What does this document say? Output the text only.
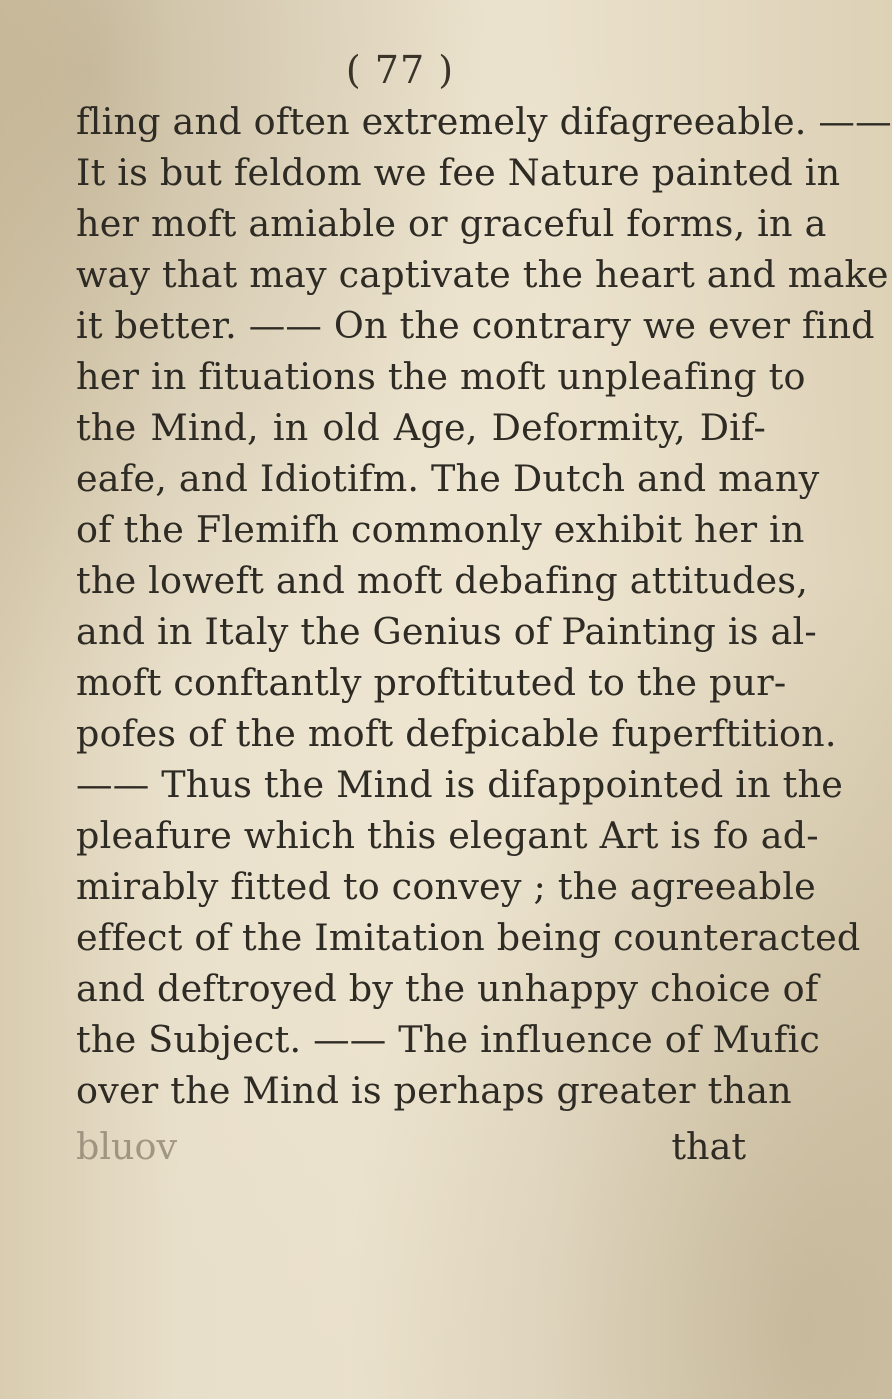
( 77 )
fling and often extremely difagreeable. ——
It is but feldom we fee Nature painted in
her moft amiable or graceful forms, in a
way that may captivate the heart and make
it better. —— On the contrary we ever find
her in fituations the moft unpleafing to
the Mind, in old Age, Deformity, Dif-
eafe, and Idiotifm. The Dutch and many
of the Flemifh commonly exhibit her in
the loweft and moft debafing attitudes,
and in Italy the Genius of Painting is al-
moft conftantly proftituted to the pur-
pofes of the moft defpicable fuperftition.
—— Thus the Mind is difappointed in the
pleafure which this elegant Art is fo ad-
mirably fitted to convey ; the agreeable
effect of the Imitation being counteracted
and deftroyed by the unhappy choice of
the Subject. —— The influence of Mufic
over the Mind is perhaps greater than
bluov	that
